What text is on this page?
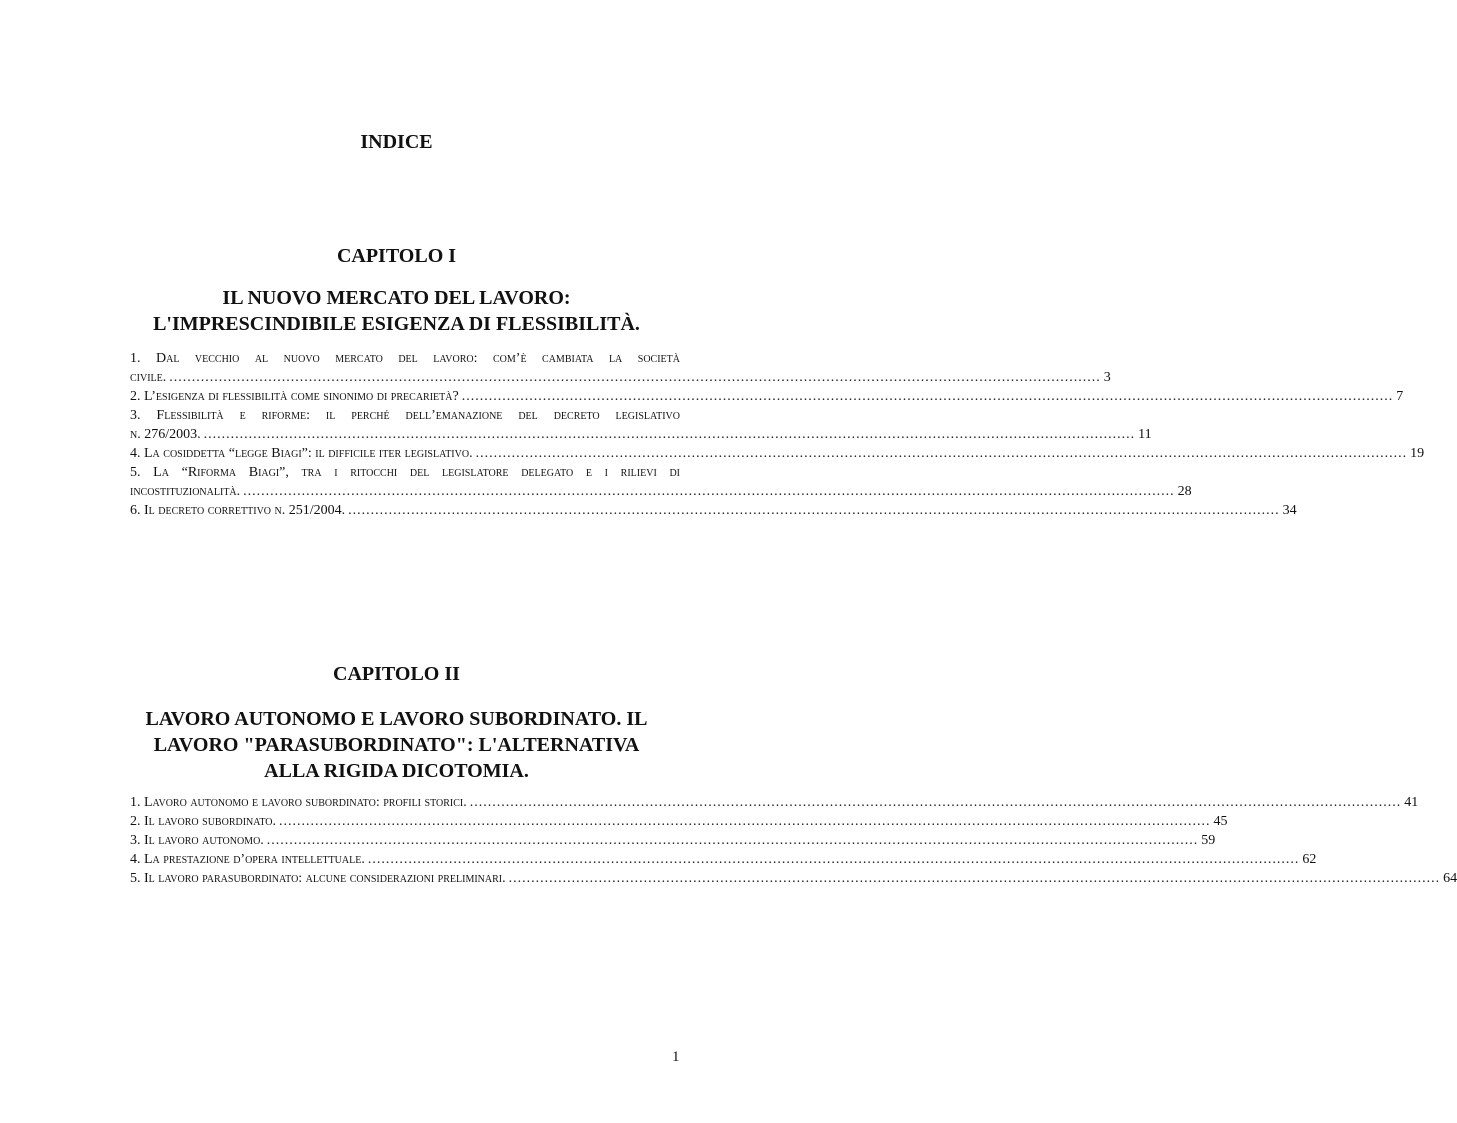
INDICE
CAPITOLO I
IL NUOVO MERCATO DEL LAVORO:
L'IMPRESCINDIBILE ESIGENZA DI FLESSIBILITÀ.
1. Dal vecchio al nuovo mercato del lavoro: com’è cambiata la società
civile. .....	3
2. L’esigenza di flessibilità come sinonimo di precarietà? .....	7
3. Flessibilità e riforme: il perché dell’emanazione del decreto legislativo
n. 276/2003. .....	11
4. La cosiddetta “legge Biagi”: il difficile iter legislativo. .....	19
5. La “Riforma Biagi”, tra i ritocchi del legislatore delegato e i rilievi di
incostituzionalità. .....	28
6. Il decreto correttivo n. 251/2004. .....	34
CAPITOLO II
LAVORO AUTONOMO E LAVORO SUBORDINATO. IL
LAVORO "PARASUBORDINATO": L'ALTERNATIVA
ALLA RIGIDA DICOTOMIA.
1. Lavoro autonomo e lavoro subordinato: profili storici. .....	41
2. Il lavoro subordinato. .....	45
3. Il lavoro autonomo. .....	59
4. La prestazione d’opera intellettuale. .....	62
5. Il lavoro parasubordinato: alcune considerazioni preliminari. .....	64
1
